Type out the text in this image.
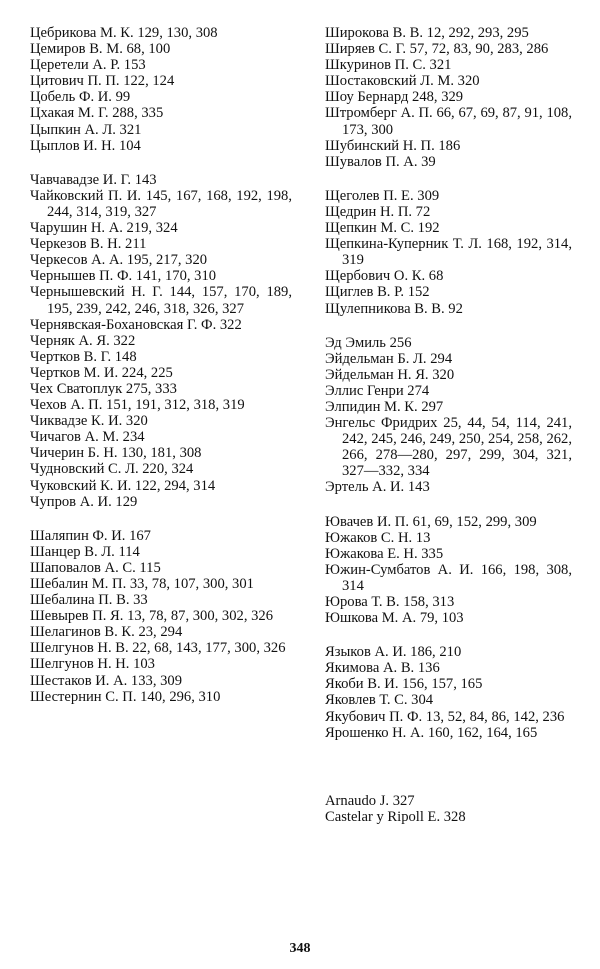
Цебрикова М. К. 129, 130, 308

Цемиров В. М. 68, 100

Церетели А. Р. 153

Цитович П. П. 122, 124

Цобель Ф. И. 99

Цхакая М. Г. 288, 335

Цыпкин А. Л. 321

Цыплов И. Н. 104

Чавчавадзе И. Г. 143

Чайковский П. И. 145, 167, 168, 192, 198, 244, 314, 319, 327

Чарушин Н. А. 219, 324

Черкезов В. Н. 211

Черкесов А. А. 195, 217, 320

Чернышев П. Ф. 141, 170, 310

Чернышевский Н. Г. 144, 157, 170, 189, 195, 239, 242, 246, 318, 326, 327

Чернявская-Бохановская Г. Ф. 322

Черняк А. Я. 322

Чертков В. Г. 148

Чертков М. И. 224, 225

Чех Сватоплук 275, 333

Чехов А. П. 151, 191, 312, 318, 319

Чиквадзе К. И. 320

Чичагов А. М. 234

Чичерин Б. Н. 130, 181, 308

Чудновский С. Л. 220, 324

Чуковский К. И. 122, 294, 314

Чупров А. И. 129

Шаляпин Ф. И. 167

Шанцер В. Л. 114

Шаповалов А. С. 115

Шебалин М. П. 33, 78, 107, 300, 301

Шебалина П. В. 33

Шевырев П. Я. 13, 78, 87, 300, 302, 326

Шелагинов В. К. 23, 294

Шелгунов Н. В. 22, 68, 143, 177, 300, 326

Шелгунов Н. Н. 103

Шестаков И. А. 133, 309

Шестернин С. П. 140, 296, 310

Широкова В. В. 12, 292, 293, 295

Ширяев С. Г. 57, 72, 83, 90, 283, 286

Шкуринов П. С. 321

Шостаковский Л. М. 320

Шоу Бернард 248, 329

Штромберг А. П. 66, 67, 69, 87, 91, 108, 173, 300

Шубинский Н. П. 186

Шувалов П. А. 39

Щеголев П. Е. 309

Щедрин Н. П. 72

Щепкин М. С. 192

Щепкина-Куперник Т. Л. 168, 192, 314, 319

Щербович О. К. 68

Щиглев В. Р. 152

Щулепникова В. В. 92

Эд Эмиль 256

Эйдельман Б. Л. 294

Эйдельман Н. Я. 320

Эллис Генри 274

Элпидин М. К. 297

Энгельс Фридрих 25, 44, 54, 114, 241, 242, 245, 246, 249, 250, 254, 258, 262, 266, 278—280, 297, 299, 304, 321, 327—332, 334

Эртель А. И. 143

Ювачев И. П. 61, 69, 152, 299, 309

Южаков С. Н. 13

Южакова Е. Н. 335

Южин-Сумбатов А. И. 166, 198, 308, 314

Юрова Т. В. 158, 313

Юшкова М. А. 79, 103

Языков А. И. 186, 210

Якимова А. В. 136

Якоби В. И. 156, 157, 165

Яковлев Т. С. 304

Якубович П. Ф. 13, 52, 84, 86, 142, 236

Ярошенко Н. А. 160, 162, 164, 165

Arnaudo J. 327

Castelar y Ripoll E. 328

348
